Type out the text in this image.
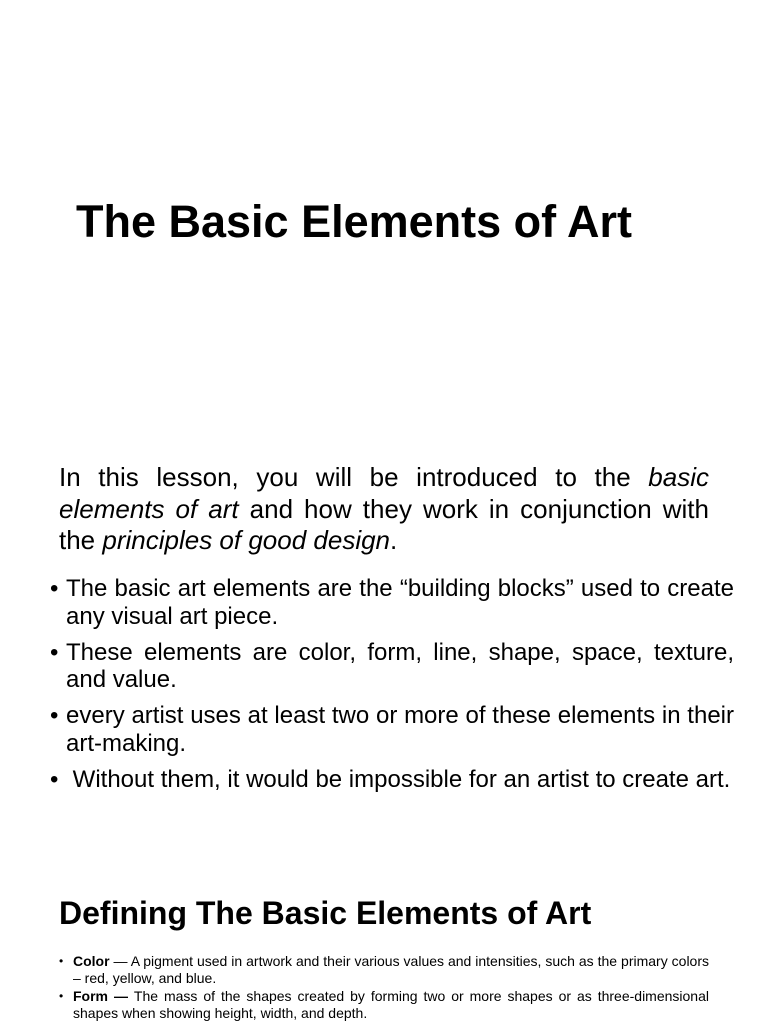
The Basic Elements of Art

In this lesson, you will be introduced to the basic elements of art and how they work in conjunction with the principles of good design.

• The basic art elements are the “building blocks” used to create any visual art piece.
• These elements are color, form, line, shape, space, texture, and value.
• every artist uses at least two or more of these elements in their art-making.
• Without them, it would be impossible for an artist to create art.
Defining The Basic Elements of Art
• Color — A pigment used in artwork and their various values and intensities, such as the primary colors – red, yellow, and blue.
• Form — The mass of the shapes created by forming two or more shapes or as three-dimensional shapes when showing height, width, and depth.
